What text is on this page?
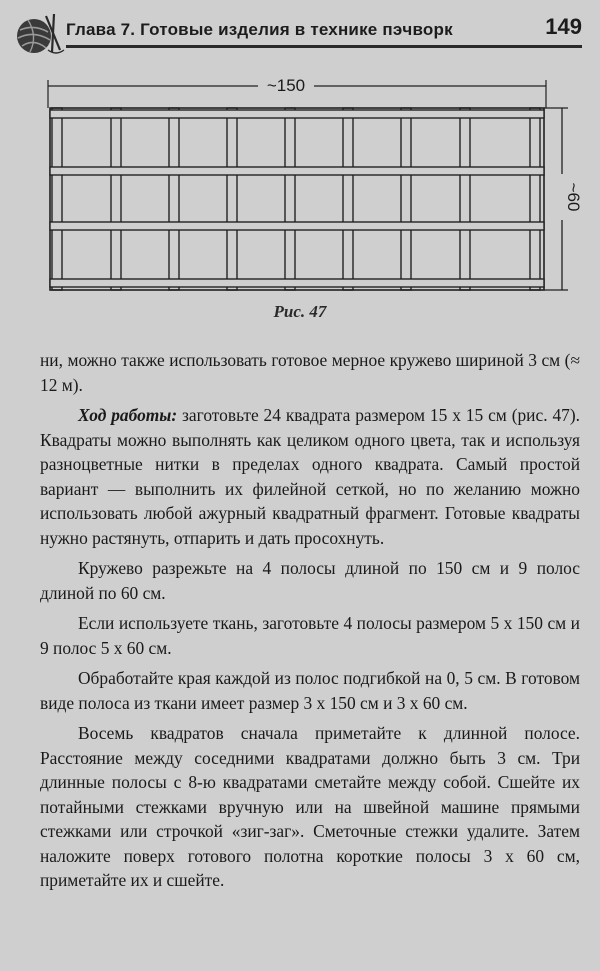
Глава 7. Готовые изделия в технике пэчворк	149
~150
~60
Рис. 47

ни, можно также использовать готовое мерное кружево шириной 3 см (≈ 12 м).

Ход работы: заготовьте 24 квадрата размером 15 х 15 см (рис. 47). Квадраты можно выполнять как целиком одного цвета, так и используя разноцветные нитки в пределах одного квадрата. Самый простой вариант — выполнить их филейной сеткой, но по желанию можно использовать любой ажурный квадратный фрагмент. Готовые квадраты нужно растянуть, отпарить и дать просохнуть.

Кружево разрежьте на 4 полосы длиной по 150 см и 9 полос длиной по 60 см.

Если используете ткань, заготовьте 4 полосы размером 5 х 150 см и 9 полос 5 х 60 см.

Обработайте края каждой из полос подгибкой на 0, 5 см. В готовом виде полоса из ткани имеет размер 3 х 150 см и 3 х 60 см.

Восемь квадратов сначала приметайте к длинной полосе. Расстояние между соседними квадратами должно быть 3 см. Три длинные полосы с 8-ю квадратами сметайте между собой. Сшейте их потайными стежками вручную или на швейной машине прямыми стежками или строчкой «зиг-заг». Сметочные стежки удалите. Затем наложите поверх готового полотна короткие полосы 3 х 60 см, приметайте их и сшейте.
